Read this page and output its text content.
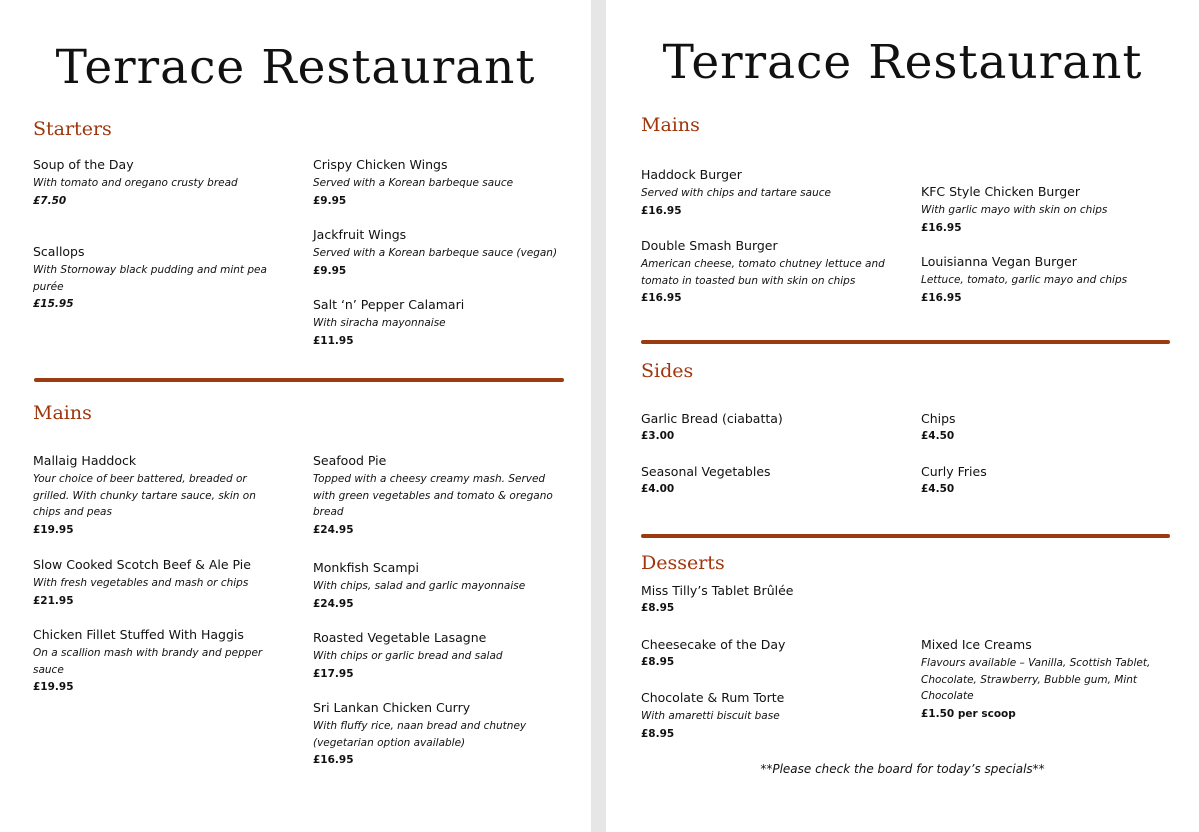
Terrace Restaurant
Starters
Soup of the Day
With tomato and oregano crusty bread
£7.50
Scallops
With Stornoway black pudding and mint pea purée
£15.95
Crispy Chicken Wings
Served with a Korean barbeque sauce
£9.95
Jackfruit Wings
Served with a Korean barbeque sauce (vegan)
£9.95
Salt ‘n’ Pepper Calamari
With siracha mayonnaise
£11.95
Mains
Mallaig Haddock
Your choice of beer battered, breaded or grilled. With chunky tartare sauce, skin on chips and peas
£19.95
Slow Cooked Scotch Beef & Ale Pie
With fresh vegetables and mash or chips
£21.95
Chicken Fillet Stuffed With Haggis
On a scallion mash with brandy and pepper sauce
£19.95
Seafood Pie
Topped with a cheesy creamy mash. Served with green vegetables and tomato & oregano bread
£24.95
Monkfish Scampi
With chips, salad and garlic mayonnaise
£24.95
Roasted Vegetable Lasagne
With chips or garlic bread and salad
£17.95
Sri Lankan Chicken Curry
With fluffy rice, naan bread and chutney (vegetarian option available)
£16.95
Terrace Restaurant
Mains
Haddock Burger
Served with chips and tartare sauce
£16.95
Double Smash Burger
American cheese, tomato chutney lettuce and tomato in toasted bun with skin on chips
£16.95
KFC Style Chicken Burger
With garlic mayo with skin on chips
£16.95
Louisianna Vegan Burger
Lettuce, tomato, garlic mayo and chips
£16.95
Sides
Garlic Bread (ciabatta)
£3.00
Seasonal Vegetables
£4.00
Chips
£4.50
Curly Fries
£4.50
Desserts
Miss Tilly’s Tablet Brûlée
£8.95
Cheesecake of the Day
£8.95
Chocolate & Rum Torte
With amaretti biscuit base
£8.95
Mixed Ice Creams
Flavours available – Vanilla, Scottish Tablet, Chocolate, Strawberry, Bubble gum, Mint Chocolate
£1.50 per scoop
**Please check the board for today’s specials**
